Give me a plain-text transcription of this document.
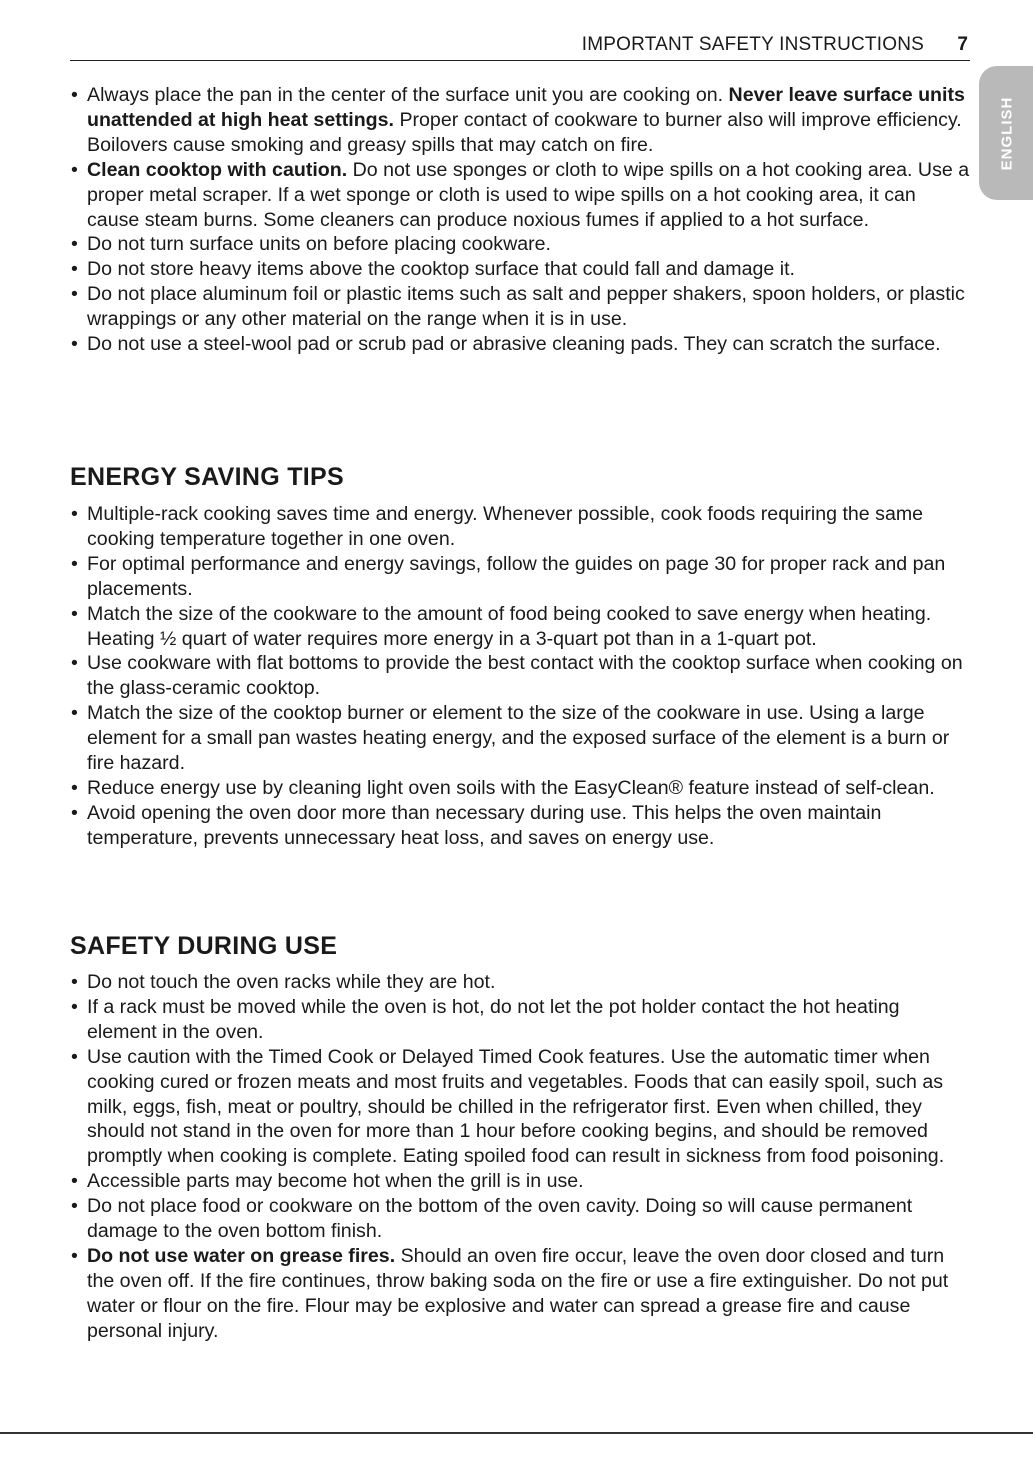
IMPORTANT SAFETY INSTRUCTIONS 7
ENGLISH
• Always place the pan in the center of the surface unit you are cooking on. Never leave surface units unattended at high heat settings. Proper contact of cookware to burner also will improve efficiency. Boilovers cause smoking and greasy spills that may catch on fire.
• Clean cooktop with caution. Do not use sponges or cloth to wipe spills on a hot cooking area. Use a proper metal scraper. If a wet sponge or cloth is used to wipe spills on a hot cooking area, it can cause steam burns. Some cleaners can produce noxious fumes if applied to a hot surface.
• Do not turn surface units on before placing cookware.
• Do not store heavy items above the cooktop surface that could fall and damage it.
• Do not place aluminum foil or plastic items such as salt and pepper shakers, spoon holders, or plastic wrappings or any other material on the range when it is in use.
• Do not use a steel-wool pad or scrub pad or abrasive cleaning pads. They can scratch the surface.
ENERGY SAVING TIPS
• Multiple-rack cooking saves time and energy. Whenever possible, cook foods requiring the same cooking temperature together in one oven.
• For optimal performance and energy savings, follow the guides on page 30 for proper rack and pan placements.
• Match the size of the cookware to the amount of food being cooked to save energy when heating. Heating ½ quart of water requires more energy in a 3-quart pot than in a 1-quart pot.
• Use cookware with flat bottoms to provide the best contact with the cooktop surface when cooking on the glass-ceramic cooktop.
• Match the size of the cooktop burner or element to the size of the cookware in use. Using a large element for a small pan wastes heating energy, and the exposed surface of the element is a burn or fire hazard.
• Reduce energy use by cleaning light oven soils with the EasyClean® feature instead of self-clean.
• Avoid opening the oven door more than necessary during use. This helps the oven maintain temperature, prevents unnecessary heat loss, and saves on energy use.
SAFETY DURING USE
• Do not touch the oven racks while they are hot.
• If a rack must be moved while the oven is hot, do not let the pot holder contact the hot heating element in the oven.
• Use caution with the Timed Cook or Delayed Timed Cook features. Use the automatic timer when cooking cured or frozen meats and most fruits and vegetables. Foods that can easily spoil, such as milk, eggs, fish, meat or poultry, should be chilled in the refrigerator first. Even when chilled, they should not stand in the oven for more than 1 hour before cooking begins, and should be removed promptly when cooking is complete. Eating spoiled food can result in sickness from food poisoning.
• Accessible parts may become hot when the grill is in use.
• Do not place food or cookware on the bottom of the oven cavity. Doing so will cause permanent damage to the oven bottom finish.
• Do not use water on grease fires. Should an oven fire occur, leave the oven door closed and turn the oven off. If the fire continues, throw baking soda on the fire or use a fire extinguisher. Do not put water or flour on the fire. Flour may be explosive and water can spread a grease fire and cause personal injury.
